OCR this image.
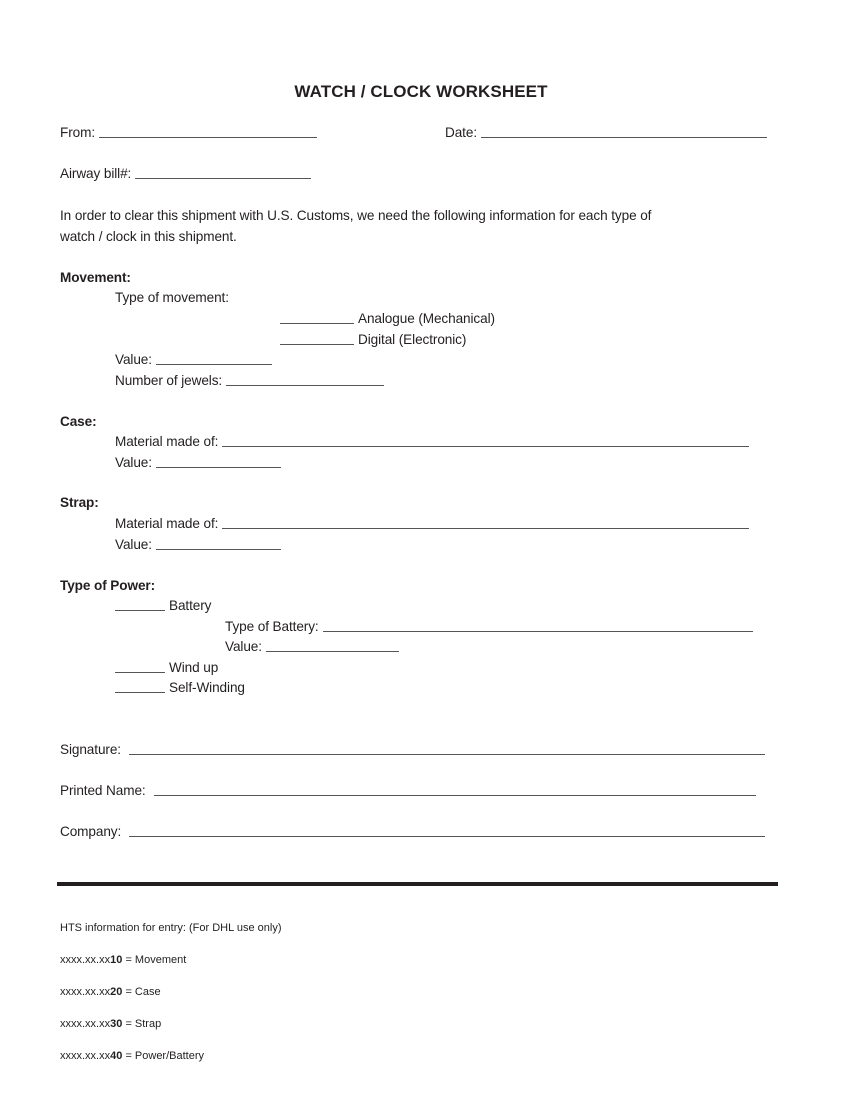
WATCH / CLOCK WORKSHEET
From:	Date:
Airway bill#:
In order to clear this shipment with U.S. Customs, we need the following information for each type of
watch / clock in this shipment.
Movement:
Type of movement:
Analogue (Mechanical)
Digital (Electronic)
Value:
Number of jewels:
Case:
Material made of:
Value:
Strap:
Material made of:
Value:
Type of Power:
Battery
Type of Battery:
Value:
Wind up
Self-Winding
Signature:
Printed Name:
Company:
HTS information for entry: (For DHL use only)
xxxx.xx.xx10 = Movement
xxxx.xx.xx20 = Case
xxxx.xx.xx30 = Strap
xxxx.xx.xx40 = Power/Battery
